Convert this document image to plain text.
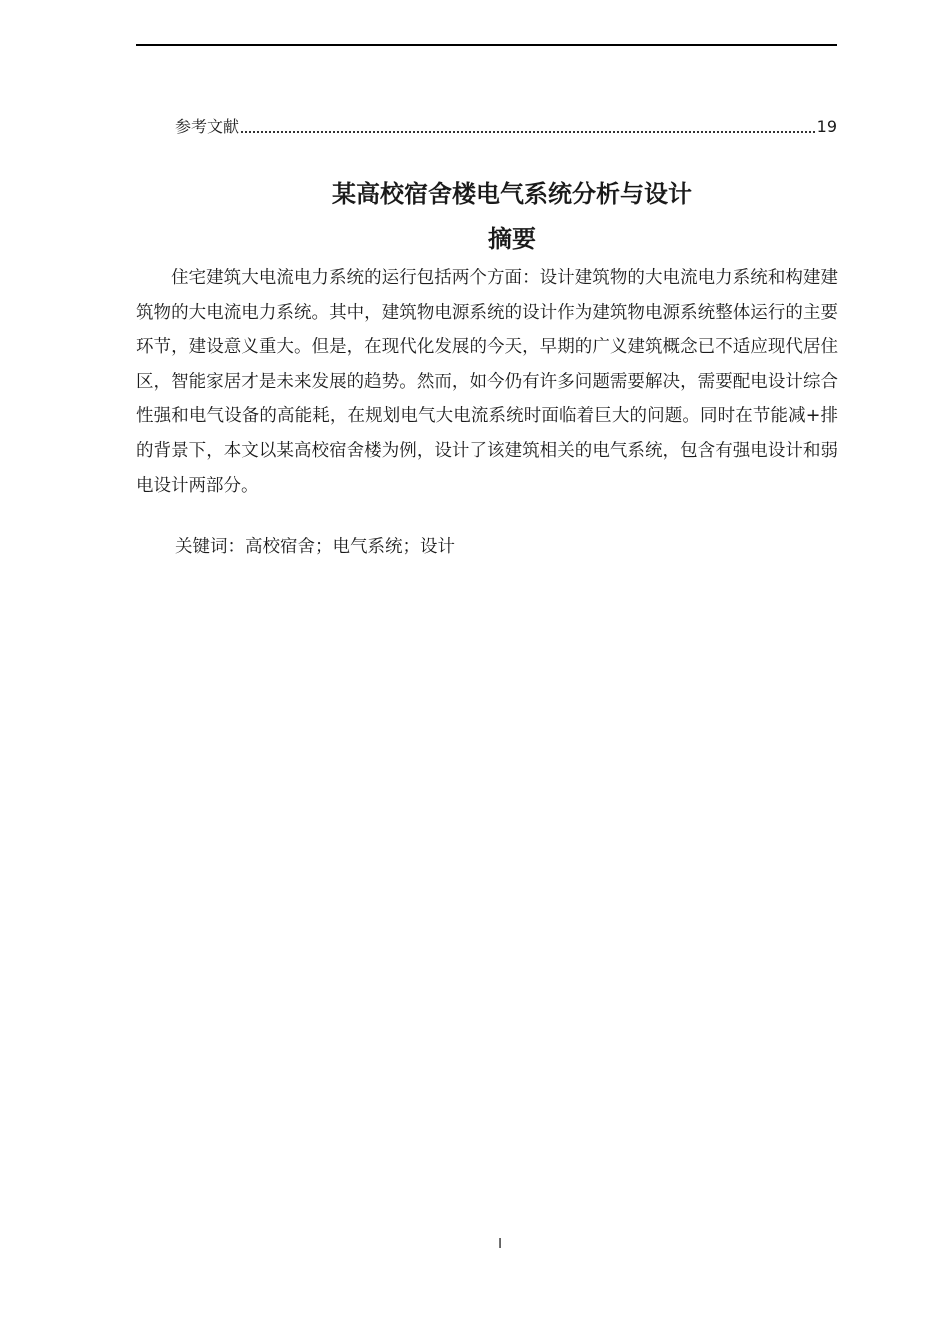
参考文献	19
某高校宿舍楼电气系统分析与设计
摘要

住宅建筑大电流电力系统的运行包括两个方面：设计建筑物的大电流电力系统和构建建筑物的大电流电力系统。其中，建筑物电源系统的设计作为建筑物电源系统整体运行的主要环节，建设意义重大。但是，在现代化发展的今天，早期的广义建筑概念已不适应现代居住区，智能家居才是未来发展的趋势。然而，如今仍有许多问题需要解决，需要配电设计综合性强和电气设备的高能耗，在规划电气大电流系统时面临着巨大的问题。同时在节能减+排的背景下，本文以某高校宿舍楼为例，设计了该建筑相关的电气系统，包含有强电设计和弱电设计两部分。

关键词：高校宿舍；电气系统；设计
I
